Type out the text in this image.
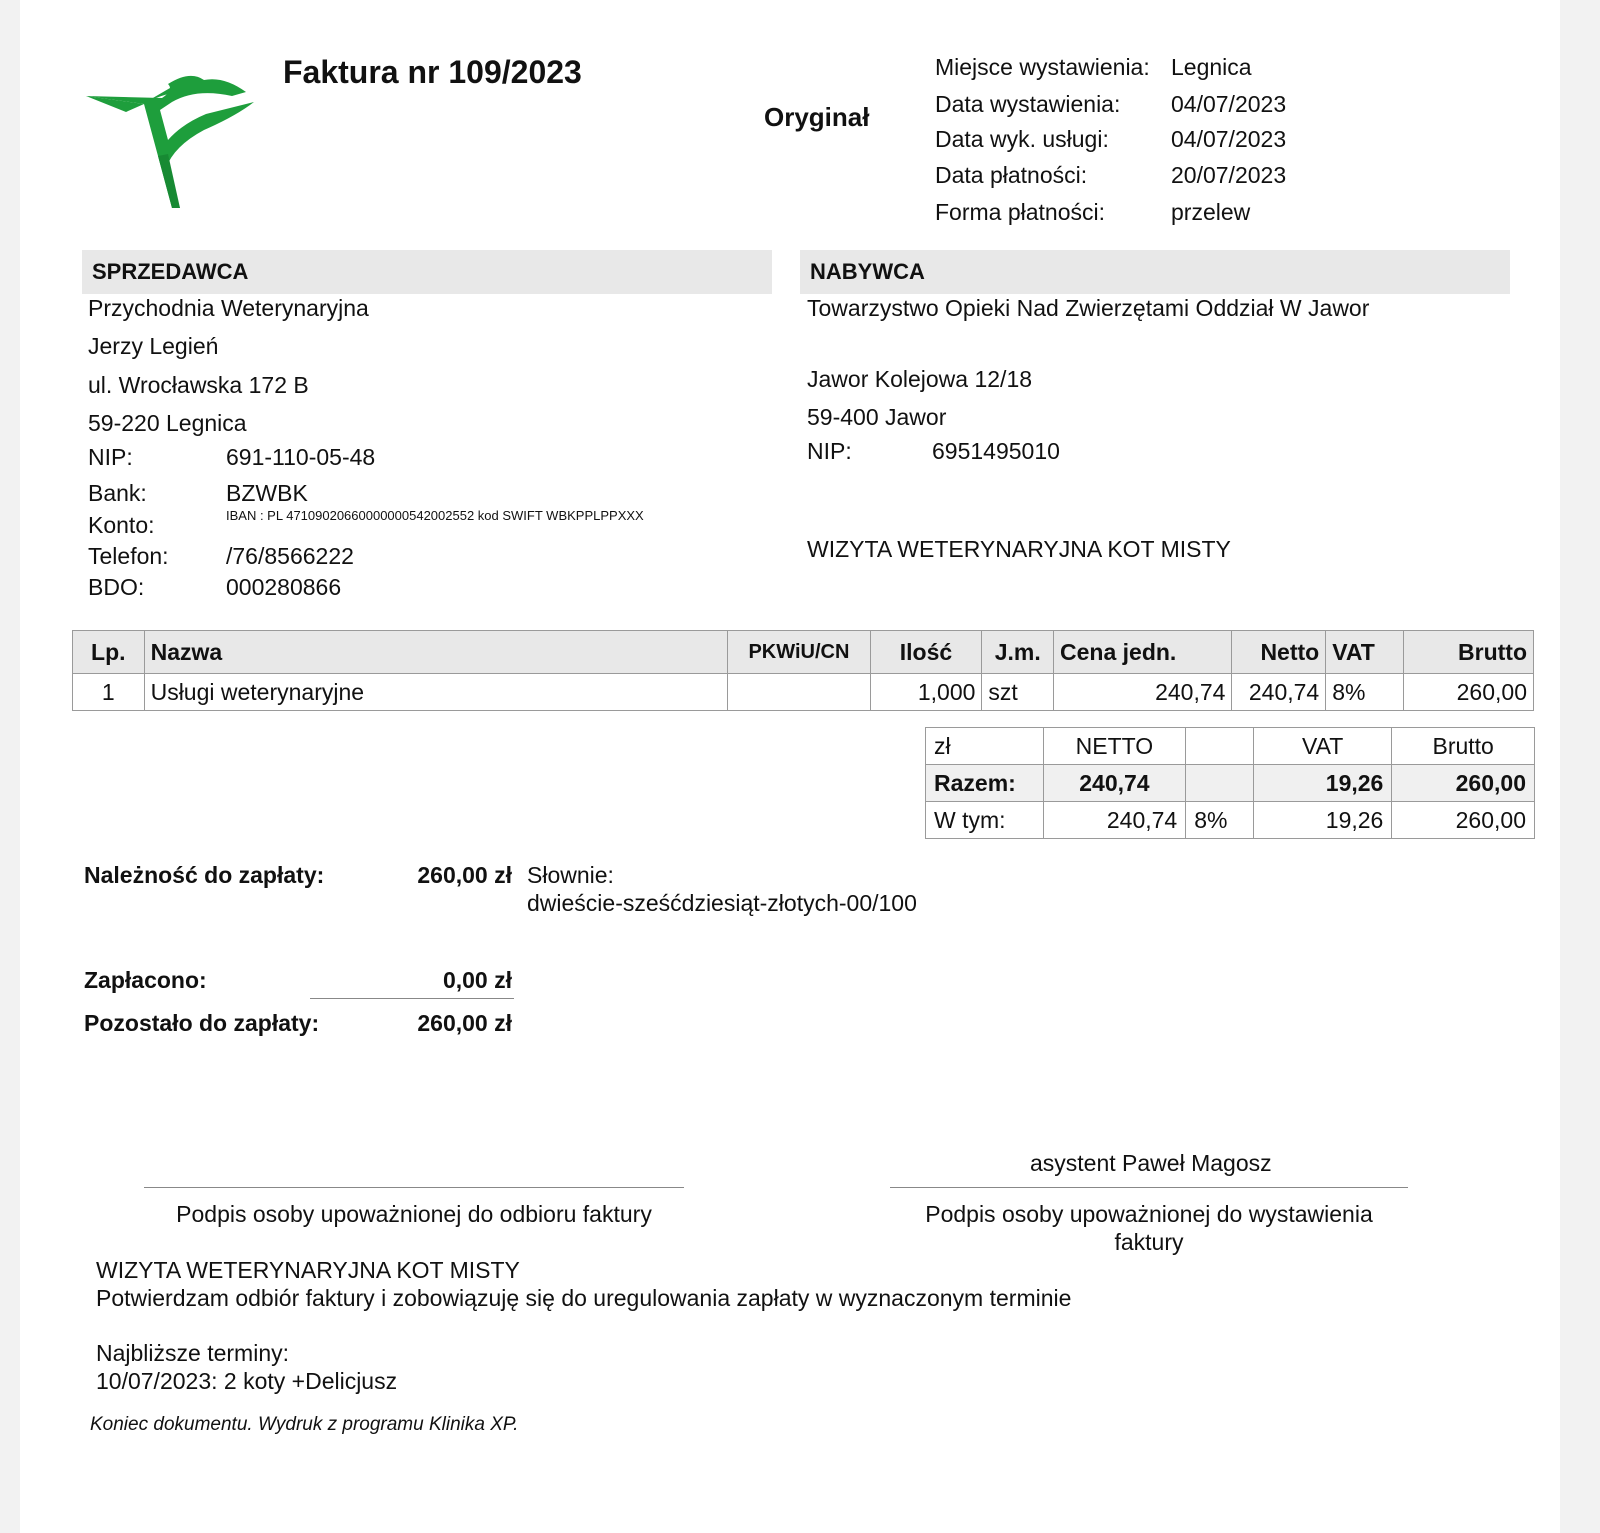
Faktura nr 109/2023
Oryginał
Miejsce wystawienia: Legnica
Data wystawienia: 04/07/2023
Data wyk. usługi:	04/07/2023
Data płatności:	20/07/2023
Forma płatności:	przelew
SPRZEDAWCA
Przychodnia Weterynaryjna
Jerzy Legień
ul. Wrocławska 172 B
59-220 Legnica
NIP:	691-110-05-48
Bank:	BZWBK
Konto:	IBAN : PL 47109020660000000542002552 kod SWIFT WBKPPLPPXXX
Telefon: /76/8566222
BDO:	000280866
NABYWCA
Towarzystwo Opieki Nad Zwierzętami Oddział W Jawor
Jawor Kolejowa 12/18
59-400 Jawor
NIP:	6951495010
WIZYTA WETERYNARYJNA KOT MISTY
Lp.	Nazwa	PKWiU/CN	Ilość	J.m.	Cena jedn.	Netto	VAT	Brutto
1	Usługi weterynaryjne		1,000	szt	240,74	240,74	8%	260,00
zł	NETTO		VAT	Brutto
Razem:	240,74		19,26	260,00
W tym:	240,74	8%	19,26	260,00
Należność do zapłaty:	260,00 zł Słownie:
dwieście-sześćdziesiąt-złotych-00/100
Zapłacono:	0,00 zł
Pozostało do zapłaty:	260,00 zł
asystent Paweł Magosz
Podpis osoby upoważnionej do odbioru faktury	Podpis osoby upoważnionej do wystawienia
faktury
WIZYTA WETERYNARYJNA KOT MISTY
Potwierdzam odbiór faktury i zobowiązuję się do uregulowania zapłaty w wyznaczonym terminie
Najbliższe terminy:
10/07/2023: 2 koty +Delicjusz
Koniec dokumentu. Wydruk z programu Klinika XP.
